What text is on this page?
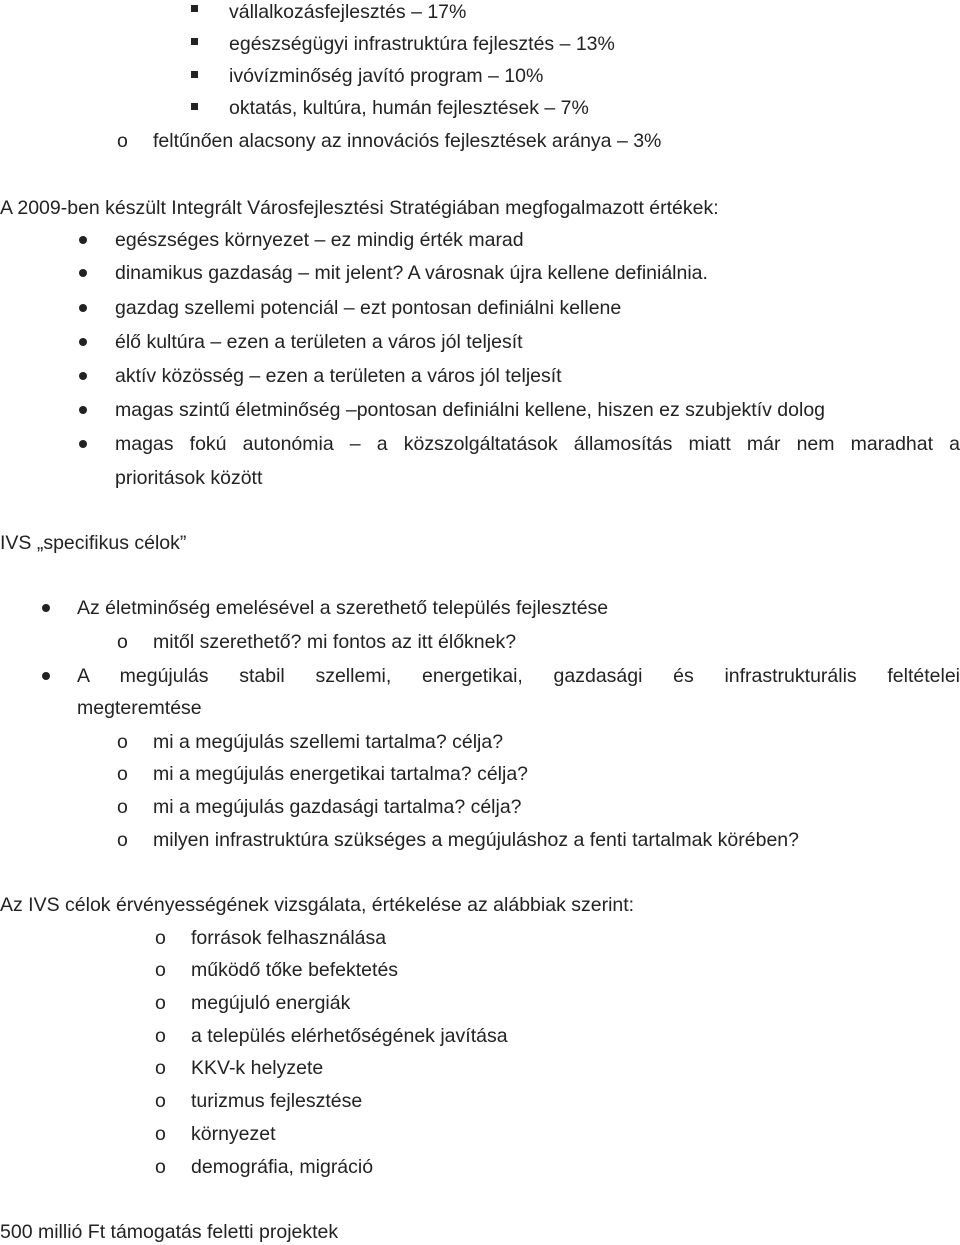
vállalkozásfejlesztés – 17%
egészségügyi infrastruktúra fejlesztés – 13%
ivóvízminőség javító program – 10%
oktatás, kultúra, humán fejlesztések – 7%
o feltűnően alacsony az innovációs fejlesztések aránya – 3%
A 2009-ben készült Integrált Városfejlesztési Stratégiában megfogalmazott értékek:
egészséges környezet – ez mindig érték marad
dinamikus gazdaság – mit jelent? A városnak újra kellene definiálnia.
gazdag szellemi potenciál – ezt pontosan definiálni kellene
élő kultúra – ezen a területen a város jól teljesít
aktív közösség – ezen a területen a város jól teljesít
magas szintű életminőség –pontosan definiálni kellene, hiszen ez szubjektív dolog
magas fokú autonómia – a közszolgáltatások államosítás miatt már nem maradhat a
prioritások között
IVS „specifikus célok”
Az életminőség emelésével a szerethető település fejlesztése
o mitől szerethető? mi fontos az itt élőknek?
A megújulás stabil szellemi, energetikai, gazdasági és infrastrukturális feltételei
megteremtése
o mi a megújulás szellemi tartalma? célja?
o mi a megújulás energetikai tartalma? célja?
o mi a megújulás gazdasági tartalma? célja?
o milyen infrastruktúra szükséges a megújuláshoz a fenti tartalmak körében?
Az IVS célok érvényességének vizsgálata, értékelése az alábbiak szerint:
o források felhasználása
o működő tőke befektetés
o megújuló energiák
o a település elérhetőségének javítása
o KKV-k helyzete
o turizmus fejlesztése
o környezet
o demográfia, migráció
500 millió Ft támogatás feletti projektek
